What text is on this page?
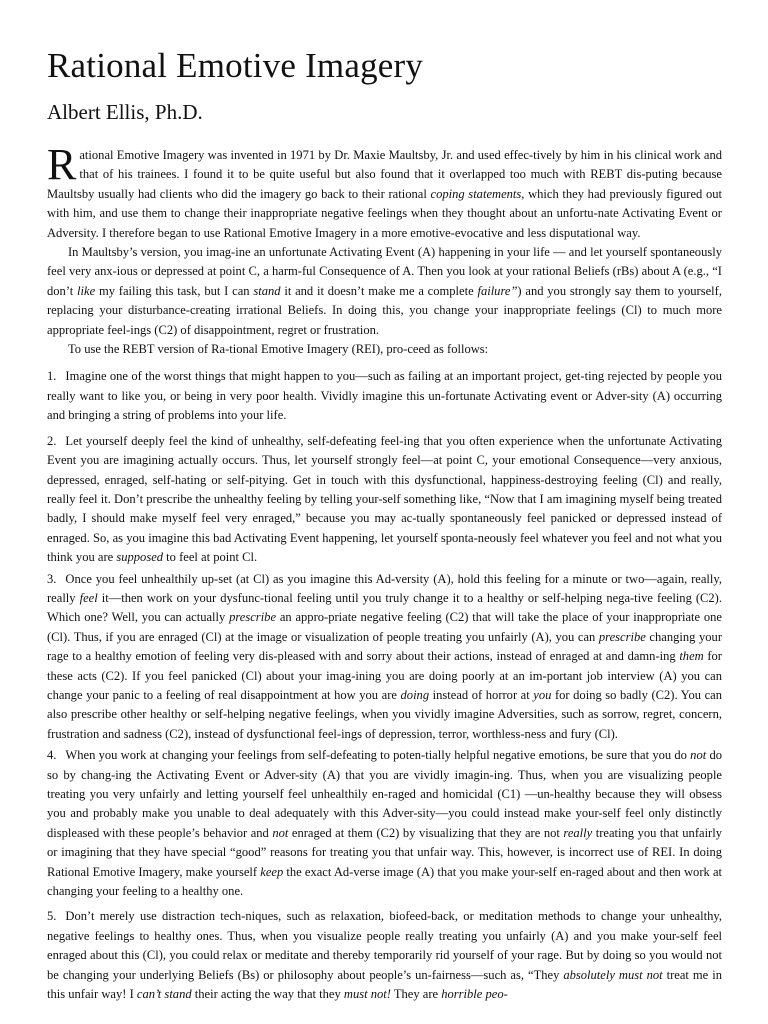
Rational Emotive Imagery
Albert Ellis, Ph.D.

Rational Emotive Imagery was invented in 1971 by Dr. Maxie Maultsby, Jr. and used effec-tively by him in his clinical work and that of his trainees. I found it to be quite useful but also found that it overlapped too much with REBT dis-puting because Maultsby usually had clients who did the imagery go back to their rational coping statements, which they had previously figured out with him, and use them to change their inappropriate negative feelings when they thought about an unfortu-nate Activating Event or Adversity. I therefore began to use Rational Emotive Imagery in a more emotive-evocative and less disputational way.

In Maultsby’s version, you imag-ine an unfortunate Activating Event (A) happening in your life — and let yourself spontaneously feel very anx-ious or depressed at point C, a harm-ful Consequence of A. Then you look at your rational Beliefs (rBs) about A (e.g., “I don’t like my failing this task, but I can stand it and it doesn’t make me a complete failure”) and you strongly say them to yourself, replacing your disturbance-creating irrational Beliefs. In doing this, you change your inappropriate feelings (Cl) to much more appropriate feel-ings (C2) of disappointment, regret or frustration.

To use the REBT version of Ra-tional Emotive Imagery (REI), pro-ceed as follows:

1. Imagine one of the worst things that might happen to you—such as failing at an important project, get-ting rejected by people you really want to like you, or being in very poor health. Vividly imagine this un-fortunate Activating event or Adver-sity (A) occurring and bringing a string of problems into your life.

2. Let yourself deeply feel the kind of unhealthy, self-defeating feel-ing that you often experience when the unfortunate Activating Event you are imagining actually occurs. Thus, let yourself strongly feel—at point C, your emotional Consequence—very anxious, depressed, enraged, self-hating or self-pitying. Get in touch with this dysfunctional, happiness-destroying feeling (Cl) and really, really feel it. Don’t prescribe the unhealthy feeling by telling your-self something like, “Now that I am imagining myself being treated badly, I should make myself feel very enraged,” because you may ac-tually spontaneously feel panicked or depressed instead of enraged. So, as you imagine this bad Activating Event happening, let yourself sponta-neously feel whatever you feel and not what you think you are supposed to feel at point Cl.

3. Once you feel unhealthily up-set (at Cl) as you imagine this Ad-versity (A), hold this feeling for a minute or two—again, really, really feel it—then work on your dysfunc-tional feeling until you truly change it to a healthy or self-helping nega-tive feeling (C2). Which one? Well, you can actually prescribe an appro-priate negative feeling (C2) that will take the place of your inappropriate one (Cl). Thus, if you are enraged (Cl) at the image or visualization of people treating you unfairly (A), you can prescribe changing your rage to a healthy emotion of feeling very dis-pleased with and sorry about their actions, instead of enraged at and damn-ing them for these acts (C2). If you feel panicked (Cl) about your imag-ining you are doing poorly at an im-portant job interview (A) you can change your panic to a feeling of real disappointment at how you are doing instead of horror at you for doing so badly (C2). You can also prescribe other healthy or self-helping negative feelings, when you vividly imagine Adversities, such as sorrow, regret, concern, frustration and sadness (C2), instead of dysfunctional feel-ings of depression, terror, worthless-ness and fury (Cl).

4. When you work at changing your feelings from self-defeating to poten-tially helpful negative emotions, be sure that you do not do so by chang-ing the Activating Event or Adver-sity (A) that you are vividly imagin-ing. Thus, when you are visualizing people treating you very unfairly and letting yourself feel unhealthily en-raged and homicidal (C1) —un-healthy because they will obsess you and probably make you unable to deal adequately with this Adver-sity—you could instead make your-self feel only distinctly displeased with these people’s behavior and not enraged at them (C2) by visualizing that they are not really treating you that unfairly or imagining that they have special “good” reasons for treating you that unfair way. This, however, is incorrect use of REI. In doing Rational Emotive Imagery, make yourself keep the exact Ad-verse image (A) that you make your-self en-raged about and then work at changing your feeling to a healthy one.

5. Don’t merely use distraction tech-niques, such as relaxation, biofeed-back, or meditation methods to change your unhealthy, negative feelings to healthy ones. Thus, when you visualize people really treating you unfairly (A) and you make your-self feel enraged about this (Cl), you could relax or meditate and thereby temporarily rid yourself of your rage. But by doing so you would not be changing your underlying Beliefs (Bs) or philosophy about people’s un-fairness—such as, “They absolutely must not treat me in this unfair way! I can’t stand their acting the way that they must not! They are horrible peo-
